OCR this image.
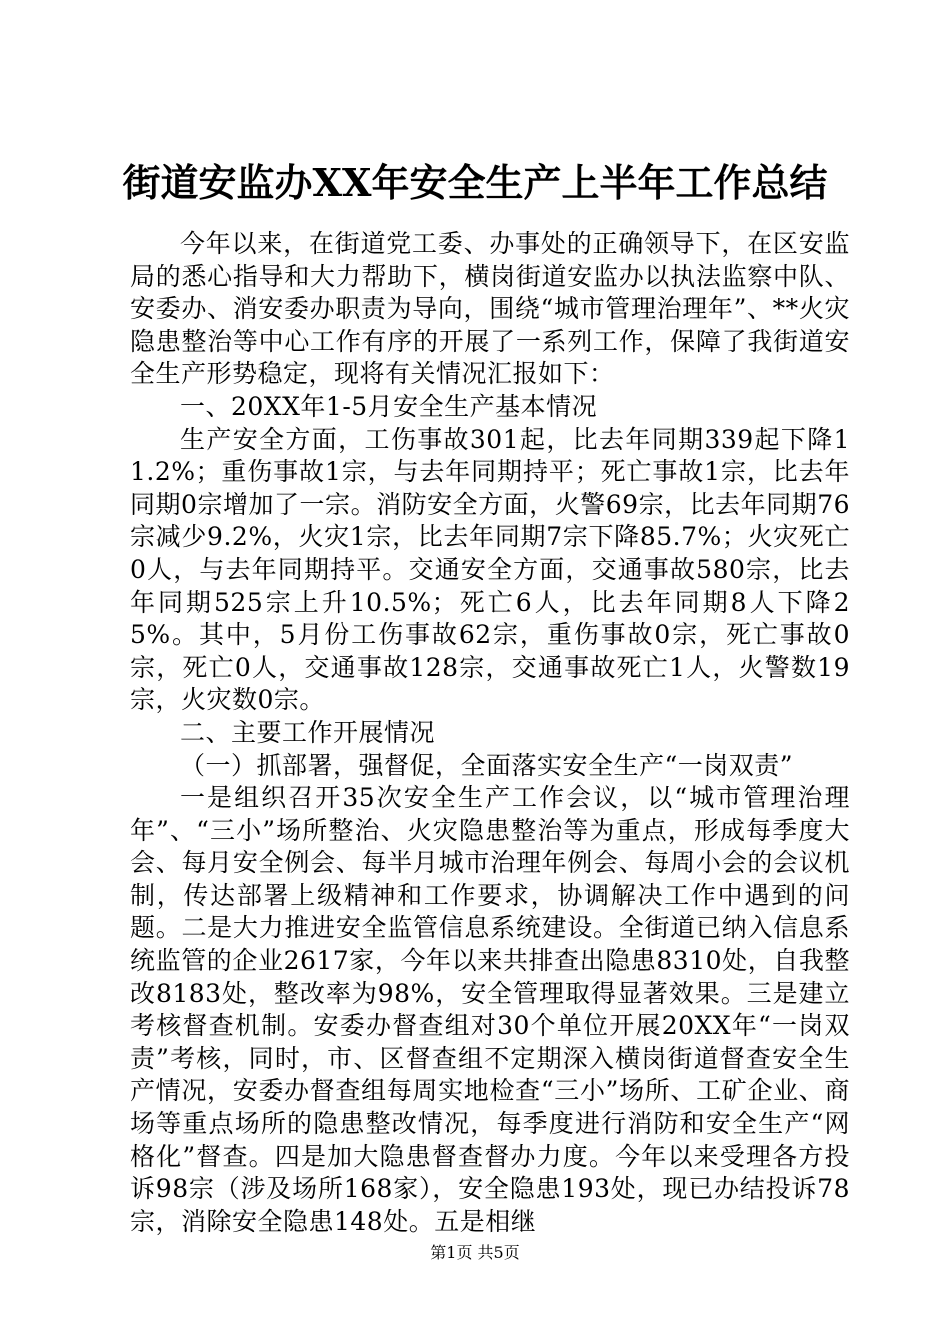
街道安监办XX年安全生产上半年工作总结

今年以来，在街道党工委、办事处的正确领导下，在区安监局的悉心指导和大力帮助下，横岗街道安监办以执法监察中队、安委办、消安委办职责为导向，围绕“城市管理治理年”、**火灾隐患整治等中心工作有序的开展了一系列工作，保障了我街道安全生产形势稳定，现将有关情况汇报如下：

一、20XX年1-5月安全生产基本情况

生产安全方面，工伤事故301起，比去年同期339起下降11.2%；重伤事故1宗，与去年同期持平；死亡事故1宗，比去年同期0宗增加了一宗。消防安全方面，火警69宗，比去年同期76宗减少9.2%，火灾1宗，比去年同期7宗下降85.7%；火灾死亡0人，与去年同期持平。交通安全方面，交通事故580宗，比去年同期525宗上升10.5%；死亡6人，比去年同期8人下降25%。其中，5月份工伤事故62宗，重伤事故0宗，死亡事故0宗，死亡0人，交通事故128宗，交通事故死亡1人，火警数19宗，火灾数0宗。

二、主要工作开展情况

（一）抓部署，强督促，全面落实安全生产“一岗双责”

一是组织召开35次安全生产工作会议，以“城市管理治理年”、“三小”场所整治、火灾隐患整治等为重点，形成每季度大会、每月安全例会、每半月城市治理年例会、每周小会的会议机制，传达部署上级精神和工作要求，协调解决工作中遇到的问题。二是大力推进安全监管信息系统建设。全街道已纳入信息系统监管的企业2617家，今年以来共排查出隐患8310处，自我整改8183处，整改率为98%，安全管理取得显著效果。三是建立考核督查机制。安委办督查组对30个单位开展20XX年“一岗双责”考核，同时，市、区督查组不定期深入横岗街道督查安全生产情况，安委办督查组每周实地检查“三小”场所、工矿企业、商场等重点场所的隐患整改情况，每季度进行消防和安全生产“网格化”督查。四是加大隐患督查督办力度。今年以来受理各方投诉98宗（涉及场所168家），安全隐患193处，现已办结投诉78宗，消除安全隐患148处。五是相继

第1页 共5页
